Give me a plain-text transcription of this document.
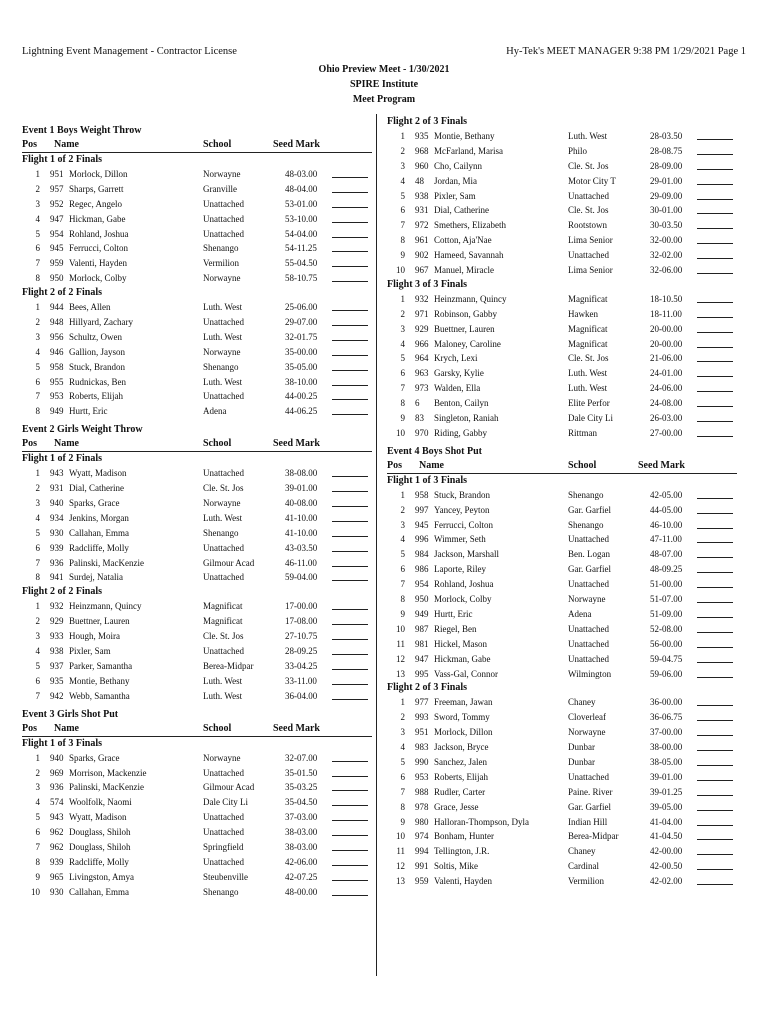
Lightning Event Management - Contractor License	Hy-Tek's MEET MANAGER 9:38 PM 1/29/2021 Page 1
Ohio Preview Meet - 1/30/2021
SPIRE Institute
Meet Program
Event 1 Boys Weight Throw
Pos Name	School	Seed Mark
Flight 1 of 2 Finals
1 951 Morlock, Dillon	Norwayne	48-03.00
2 957 Sharps, Garrett	Granville	48-04.00
3 952 Regec, Angelo	Unattached	53-01.00
4 947 Hickman, Gabe	Unattached	53-10.00
5 954 Rohland, Joshua	Unattached	54-04.00
6 945 Ferrucci, Colton	Shenango	54-11.25
7 959 Valenti, Hayden	Vermilion	55-04.50
8 950 Morlock, Colby	Norwayne	58-10.75
Flight 2 of 2 Finals
1 944 Bees, Allen	Luth. West	25-06.00
2 948 Hillyard, Zachary	Unattached	29-07.00
3 956 Schultz, Owen	Luth. West	32-01.75
4 946 Gallion, Jayson	Norwayne	35-00.00
5 958 Stuck, Brandon	Shenango	35-05.00
6 955 Rudnickas, Ben	Luth. West	38-10.00
7 953 Roberts, Elijah	Unattached	44-00.25
8 949 Hurtt, Eric	Adena	44-06.25
Event 2 Girls Weight Throw
Pos Name	School	Seed Mark
Flight 1 of 2 Finals
1 943 Wyatt, Madison	Unattached	38-08.00
2 931 Dial, Catherine	Cle. St. Jos	39-01.00
3 940 Sparks, Grace	Norwayne	40-08.00
4 934 Jenkins, Morgan	Luth. West	41-10.00
5 930 Callahan, Emma	Shenango	41-10.00
6 939 Radcliffe, Molly	Unattached	43-03.50
7 936 Palinski, MacKenzie	Gilmour Acad	46-11.00
8 941 Surdej, Natalia	Unattached	59-04.00
Flight 2 of 2 Finals
1 932 Heinzmann, Quincy	Magnificat	17-00.00
2 929 Buettner, Lauren	Magnificat	17-08.00
3 933 Hough, Moira	Cle. St. Jos	27-10.75
4 938 Pixler, Sam	Unattached	28-09.25
5 937 Parker, Samantha	Berea-Midpar	33-04.25
6 935 Montie, Bethany	Luth. West	33-11.00
7 942 Webb, Samantha	Luth. West	36-04.00
Event 3 Girls Shot Put
Pos Name	School	Seed Mark
Flight 1 of 3 Finals
1 940 Sparks, Grace	Norwayne	32-07.00
2 969 Morrison, Mackenzie	Unattached	35-01.50
3 936 Palinski, MacKenzie	Gilmour Acad	35-03.25
4 574 Woolfolk, Naomi	Dale City Li	35-04.50
5 943 Wyatt, Madison	Unattached	37-03.00
6 962 Douglass, Shiloh	Unattached	38-03.00
7 962 Douglass, Shiloh	Springfield	38-03.00
8 939 Radcliffe, Molly	Unattached	42-06.00
9 965 Livingston, Amya	Steubenville	42-07.25
10 930 Callahan, Emma	Shenango	48-00.00
Flight 2 of 3 Finals
1 935 Montie, Bethany	Luth. West	28-03.50
2 968 McFarland, Marisa	Philo	28-08.75
3 960 Cho, Cailynn	Cle. St. Jos	28-09.00
4 48 Jordan, Mia	Motor City T	29-01.00
5 938 Pixler, Sam	Unattached	29-09.00
6 931 Dial, Catherine	Cle. St. Jos	30-01.00
7 972 Smethers, Elizabeth	Rootstown	30-03.50
8 961 Cotton, Aja'Nae	Lima Senior	32-00.00
9 902 Hameed, Savannah	Unattached	32-02.00
10 967 Manuel, Miracle	Lima Senior	32-06.00
Flight 3 of 3 Finals
1 932 Heinzmann, Quincy	Magnificat	18-10.50
2 971 Robinson, Gabby	Hawken	18-11.00
3 929 Buettner, Lauren	Magnificat	20-00.00
4 966 Maloney, Caroline	Magnificat	20-00.00
5 964 Krych, Lexi	Cle. St. Jos	21-06.00
6 963 Garsky, Kylie	Luth. West	24-01.00
7 973 Walden, Ella	Luth. West	24-06.00
8 6 Benton, Cailyn	Elite Perfor	24-08.00
9 83 Singleton, Raniah	Dale City Li	26-03.00
10 970 Riding, Gabby	Rittman	27-00.00
Event 4 Boys Shot Put
Pos Name	School	Seed Mark
Flight 1 of 3 Finals
1 958 Stuck, Brandon	Shenango	42-05.00
2 997 Yancey, Peyton	Gar. Garfiel	44-05.00
3 945 Ferrucci, Colton	Shenango	46-10.00
4 996 Wimmer, Seth	Unattached	47-11.00
5 984 Jackson, Marshall	Ben. Logan	48-07.00
6 986 Laporte, Riley	Gar. Garfiel	48-09.25
7 954 Rohland, Joshua	Unattached	51-00.00
8 950 Morlock, Colby	Norwayne	51-07.00
9 949 Hurtt, Eric	Adena	51-09.00
10 987 Riegel, Ben	Unattached	52-08.00
11 981 Hickel, Mason	Unattached	56-00.00
12 947 Hickman, Gabe	Unattached	59-04.75
13 995 Vass-Gal, Connor	Wilmington	59-06.00
Flight 2 of 3 Finals
1 977 Freeman, Jawan	Chaney	36-00.00
2 993 Sword, Tommy	Cloverleaf	36-06.75
3 951 Morlock, Dillon	Norwayne	37-00.00
4 983 Jackson, Bryce	Dunbar	38-00.00
5 990 Sanchez, Jalen	Dunbar	38-05.00
6 953 Roberts, Elijah	Unattached	39-01.00
7 988 Rudler, Carter	Paine. River	39-01.25
8 978 Grace, Jesse	Gar. Garfiel	39-05.00
9 980 Halloran-Thompson, Dyla	Indian Hill	41-04.00
10 974 Bonham, Hunter	Berea-Midpar	41-04.50
11 994 Tellington, J.R.	Chaney	42-00.00
12 991 Soltis, Mike	Cardinal	42-00.50
13 959 Valenti, Hayden	Vermilion	42-02.00
